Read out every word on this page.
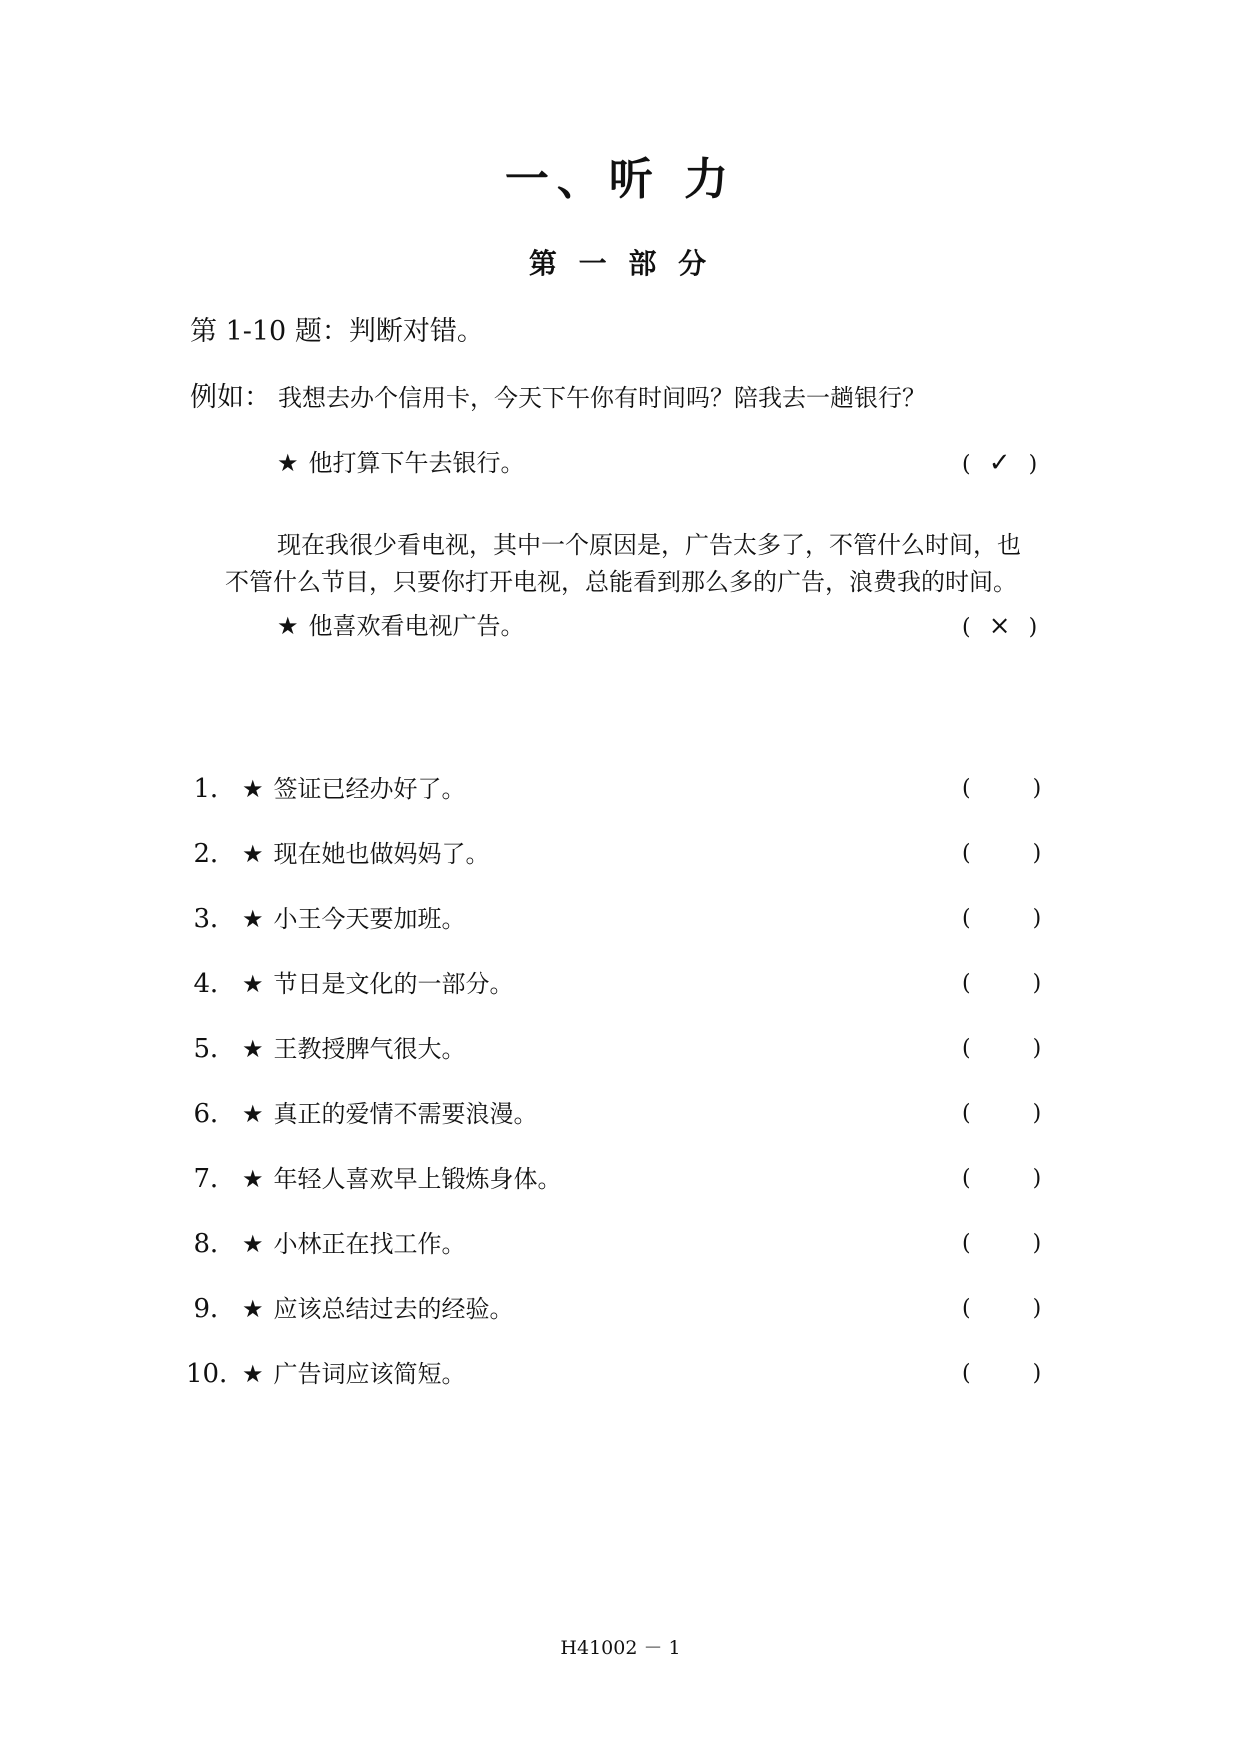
一、听 力
第 一 部 分
第 1-10 题：判断对错。
例如： 我想去办个信用卡，今天下午你有时间吗？陪我去一趟银行？
★ 他打算下午去银行。	( ✓ )
现在我很少看电视，其中一个原因是，广告太多了，不管什么时间，也
不管什么节目，只要你打开电视，总能看到那么多的广告，浪费我的时间。
★ 他喜欢看电视广告。	( × )
1． ★ 签证已经办好了。	(	)
2． ★ 现在她也做妈妈了。	(	)
3． ★ 小王今天要加班。	(	)
4． ★ 节日是文化的一部分。	(	)
5． ★ 王教授脾气很大。	(	)
6． ★ 真正的爱情不需要浪漫。	(	)
7． ★ 年轻人喜欢早上锻炼身体。	(	)
8． ★ 小林正在找工作。	(	)
9． ★ 应该总结过去的经验。	(	)
10．★ 广告词应该简短。	(	)
H41002 － 1
